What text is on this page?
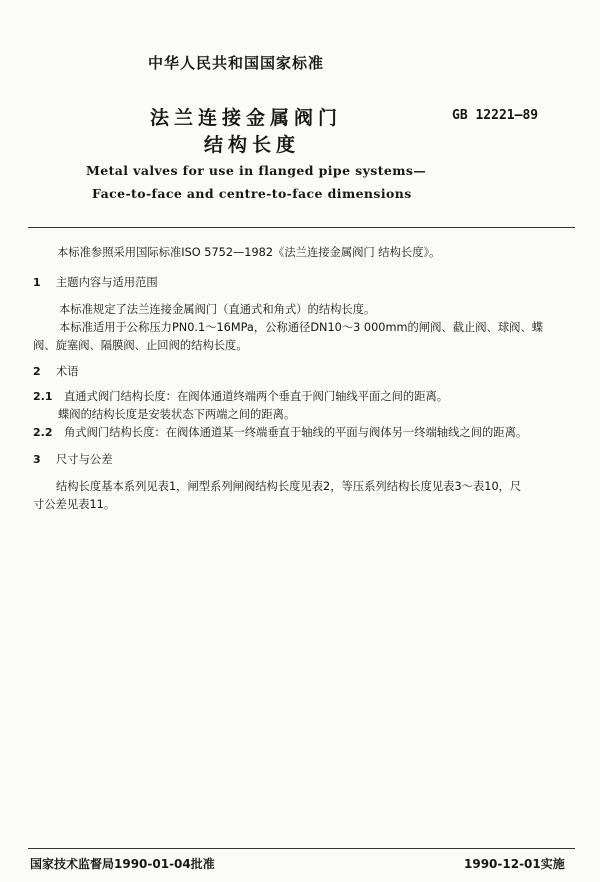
中华人民共和国国家标准
法兰连接金属阀门
结构长度
GB 12221—89
Metal valves for use in flanged pipe systems—
Face-to-face and centre-to-face dimensions
本标准参照采用国际标准ISO 5752—1982《法兰连接金属阀门 结构长度》。
1 主题内容与适用范围
本标准规定了法兰连接金属阀门（直通式和角式）的结构长度。
本标准适用于公称压力PN0.1～16MPa，公称通径DN10～3 000mm的闸阀、截止阀、球阀、蝶
阀、旋塞阀、隔膜阀、止回阀的结构长度。
2 术语
2.1 直通式阀门结构长度：在阀体通道终端两个垂直于阀门轴线平面之间的距离。
蝶阀的结构长度是安装状态下两端之间的距离。
2.2 角式阀门结构长度：在阀体通道某一终端垂直于轴线的平面与阀体另一终端轴线之间的距离。
3 尺寸与公差
结构长度基本系列见表1，闸型系列闸阀结构长度见表2，等压系列结构长度见表3～表10，尺
寸公差见表11。
国家技术监督局1990-01-04批准	1990-12-01实施
